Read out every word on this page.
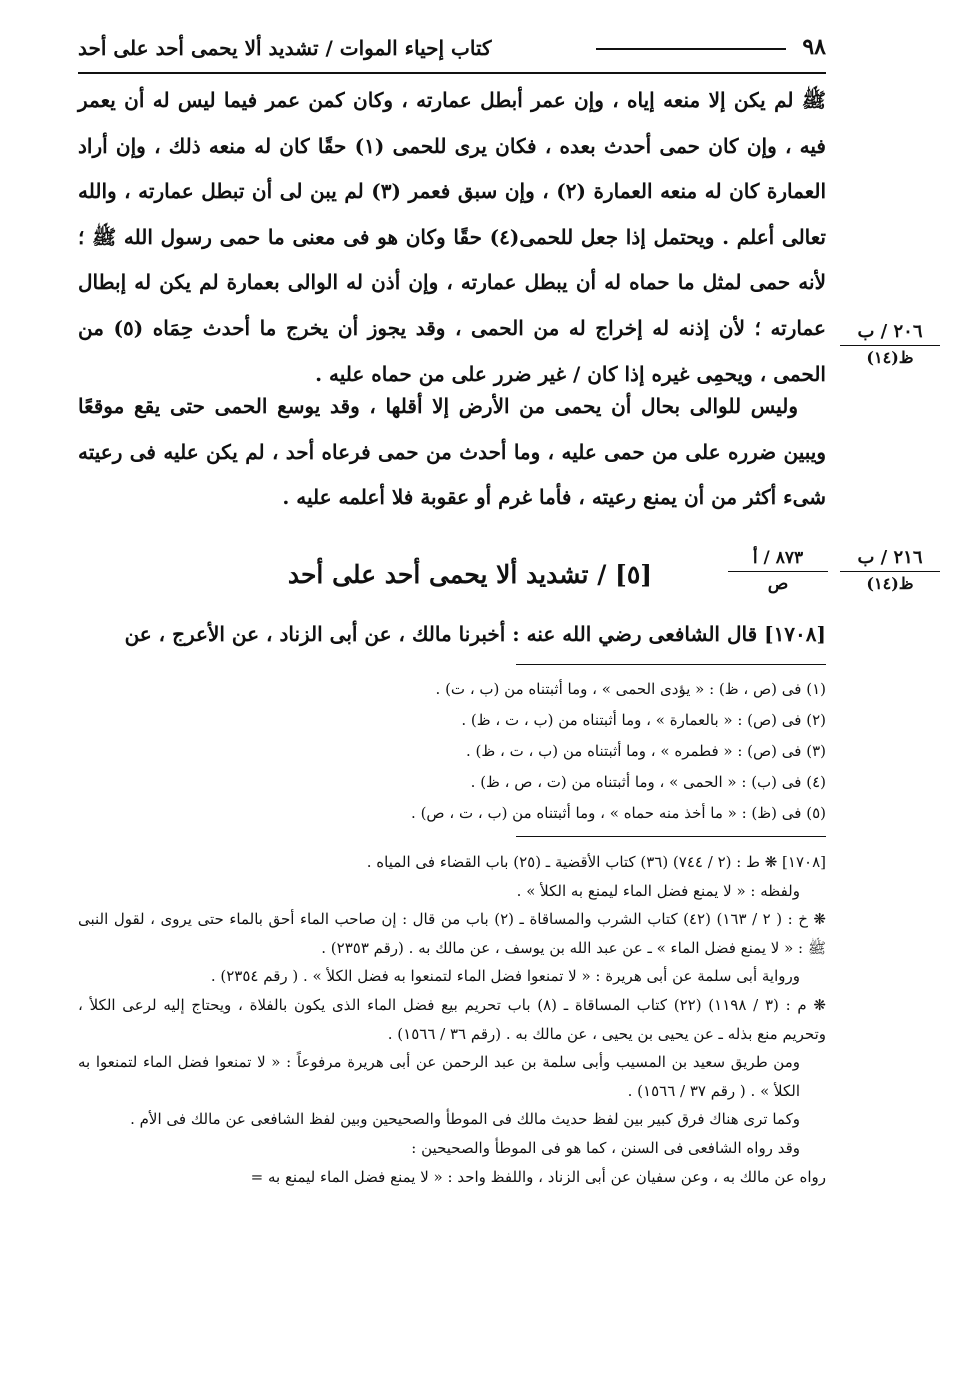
كتاب إحياء الموات / تشديد ألا يحمى أحد على أحد	٩٨

ﷺ لم يكن إلا منعه إياه ، وإن عمر أبطل عمارته ، وكان كمن عمر فيما ليس له أن يعمر فيه ، وإن كان حمى أحدث بعده ، فكان يرى للحمى (١) حقًا كان له منعه ذلك ، وإن أراد العمارة كان له منعه العمارة (٢) ، وإن سبق فعمر (٣) لم يبن لى أن تبطل عمارته ، والله تعالى أعلم . ويحتمل إذا جعل للحمى(٤) حقًا وكان هو فى معنى ما حمى رسول الله ﷺ ؛ لأنه حمى لمثل ما حماه له أن يبطل عمارته ، وإن أذن له الوالى بعمارة لم يكن له إبطال عمارته ؛ لأن إذنه له إخراج له من الحمى ، وقد يجوز أن يخرج ما أحدث حِمَاه (٥) من الحمى ، ويحمِى غيره إذا كان / غير ضرر على من حماه عليه .

٢٠٦ / ب
ظ(١٤)

وليس للوالى بحال أن يحمى من الأرض إلا أقلها ، وقد يوسع الحمى حتى يقع موقعًا ويبين ضرره على من حمى عليه ، وما أحدث من حمى فرعاه أحد ، لم يكن عليه فى رعيته شىء أكثر من أن يمنع رعيته ، فأما غرم أو عقوبة فلا أعلمه عليه .

٨٧٣ / أ
ص
٢١٦ / ب
ظ(١٤)
[٥] / تشديد ألا يحمى أحد على أحد
[١٧٠٨] قال الشافعى رضي الله عنه : أخبرنا مالك ، عن أبى الزناد ، عن الأعرج ، عن
(١) فى (ص ، ظ) : « يؤدى الحمى » ، وما أثبتناه من (ب ، ت) .
(٢) فى (ص) : « بالعمارة » ، وما أثبتناه من (ب ، ت ، ظ) .
(٣) فى (ص) : « فطمره » ، وما أثبتناه من (ب ، ت ، ظ) .
(٤) فى (ب) : « الحمى » ، وما أثبتناه من (ت ، ص ، ظ) .
(٥) فى (ظ) : « ما أخذ منه حماه » ، وما أثبتناه من (ب ، ت ، ص) .

[١٧٠٨] ❋ ط : (٢ / ٧٤٤) (٣٦) كتاب الأقضية ـ (٢٥) باب القضاء فى المياه .

ولفظه : « لا يمنع فضل الماء ليمنع به الكلأ » .

❋ خ : ( ٢ / ١٦٣) (٤٢) كتاب الشرب والمساقاة ـ (٢) باب من قال : إن صاحب الماء أحق بالماء حتى يروى ، لقول النبى ﷺ : « لا يمنع فضل الماء » ـ عن عبد الله بن يوسف ، عن مالك به . (رقم ٢٣٥٣) .

ورواية أبى سلمة عن أبى هريرة : « لا تمنعوا فضل الماء لتمنعوا به فضل الكلأ » . ( رقم ٢٣٥٤) .

❋ م : (٣ / ١١٩٨) (٢٢) كتاب المساقاة ـ (٨) باب تحريم بيع فضل الماء الذى يكون بالفلاة ، ويحتاج إليه لرعى الكلأ ، وتحريم منع بذله ـ عن يحيى بن يحيى ، عن مالك به . (رقم ٣٦ / ١٥٦٦) .

ومن طريق سعيد بن المسيب وأبى سلمة بن عبد الرحمن عن أبى هريرة مرفوعاً : « لا تمنعوا فضل الماء لتمنعوا به الكلأ » . ( رقم ٣٧ / ١٥٦٦) .

وكما ترى هناك فرق كبير بين لفظ حديث مالك فى الموطأ والصحيحين وبين لفظ الشافعى عن مالك فى الأم .

وقد رواه الشافعى فى السنن ، كما هو فى الموطأ والصحيحين :

رواه عن مالك به ، وعن سفيان عن أبى الزناد ، واللفظ واحد : « لا يمنع فضل الماء ليمنع به =
